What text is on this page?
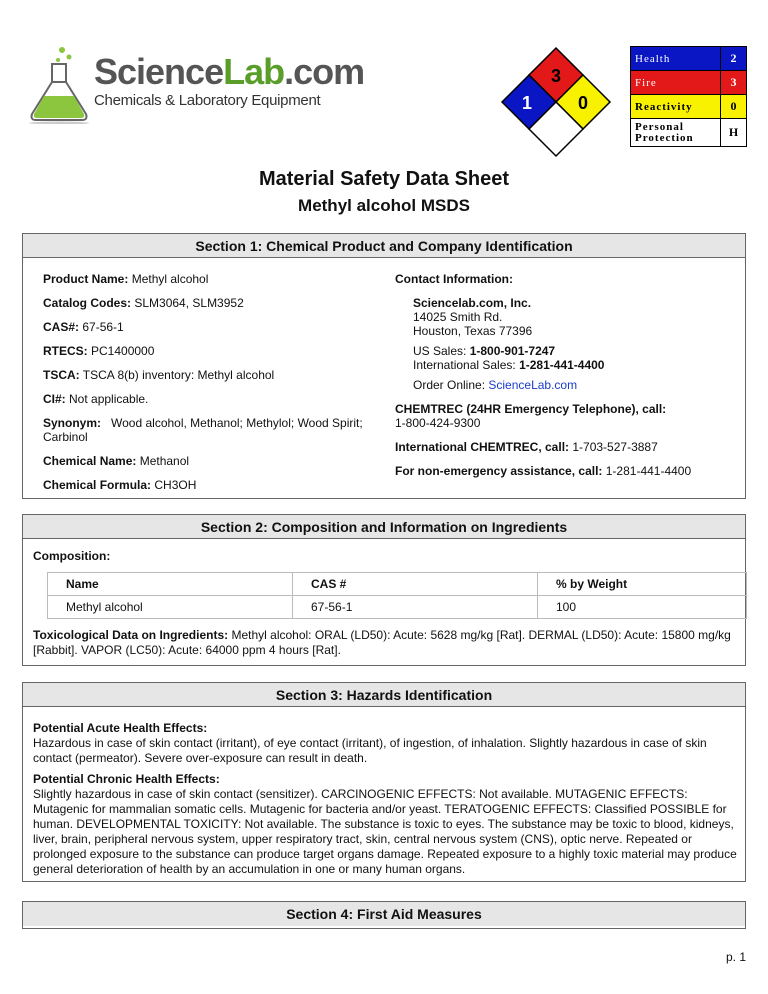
ScienceLab.com
Chemicals & Laboratory Equipment
3
1	0
Health	2
Fire	3
Reactivity	0
Personal
Protection	H
Material Safety Data Sheet
Methyl alcohol MSDS
Section 1: Chemical Product and Company Identification
Product Name: Methyl alcohol
Catalog Codes: SLM3064, SLM3952
CAS#: 67-56-1
RTECS: PC1400000
TSCA: TSCA 8(b) inventory: Methyl alcohol
CI#: Not applicable.
Synonym:   Wood alcohol, Methanol; Methylol; Wood Spirit; Carbinol
Chemical Name: Methanol
Chemical Formula: CH3OH
Contact Information:
Sciencelab.com, Inc.
14025 Smith Rd.
Houston, Texas 77396
US Sales: 1-800-901-7247
International Sales: 1-281-441-4400
Order Online: ScienceLab.com
CHEMTREC (24HR Emergency Telephone), call:
1-800-424-9300
International CHEMTREC, call: 1-703-527-3887
For non-emergency assistance, call: 1-281-441-4400
Section 2: Composition and Information on Ingredients
Composition:
Name	CAS #	% by Weight
Methyl alcohol	67-56-1	100
Toxicological Data on Ingredients: Methyl alcohol: ORAL (LD50): Acute: 5628 mg/kg [Rat]. DERMAL (LD50): Acute: 15800 mg/kg [Rabbit]. VAPOR (LC50): Acute: 64000 ppm 4 hours [Rat].
Section 3: Hazards Identification
Potential Acute Health Effects:
Hazardous in case of skin contact (irritant), of eye contact (irritant), of ingestion, of inhalation. Slightly hazardous in case of skin contact (permeator). Severe over-exposure can result in death.
Potential Chronic Health Effects:
Slightly hazardous in case of skin contact (sensitizer). CARCINOGENIC EFFECTS: Not available. MUTAGENIC EFFECTS: Mutagenic for mammalian somatic cells. Mutagenic for bacteria and/or yeast. TERATOGENIC EFFECTS: Classified POSSIBLE for human. DEVELOPMENTAL TOXICITY: Not available. The substance is toxic to eyes. The substance may be toxic to blood, kidneys, liver, brain, peripheral nervous system, upper respiratory tract, skin, central nervous system (CNS), optic nerve. Repeated or prolonged exposure to the substance can produce target organs damage. Repeated exposure to a highly toxic material may produce general deterioration of health by an accumulation in one or many human organs.
Section 4: First Aid Measures
p. 1
